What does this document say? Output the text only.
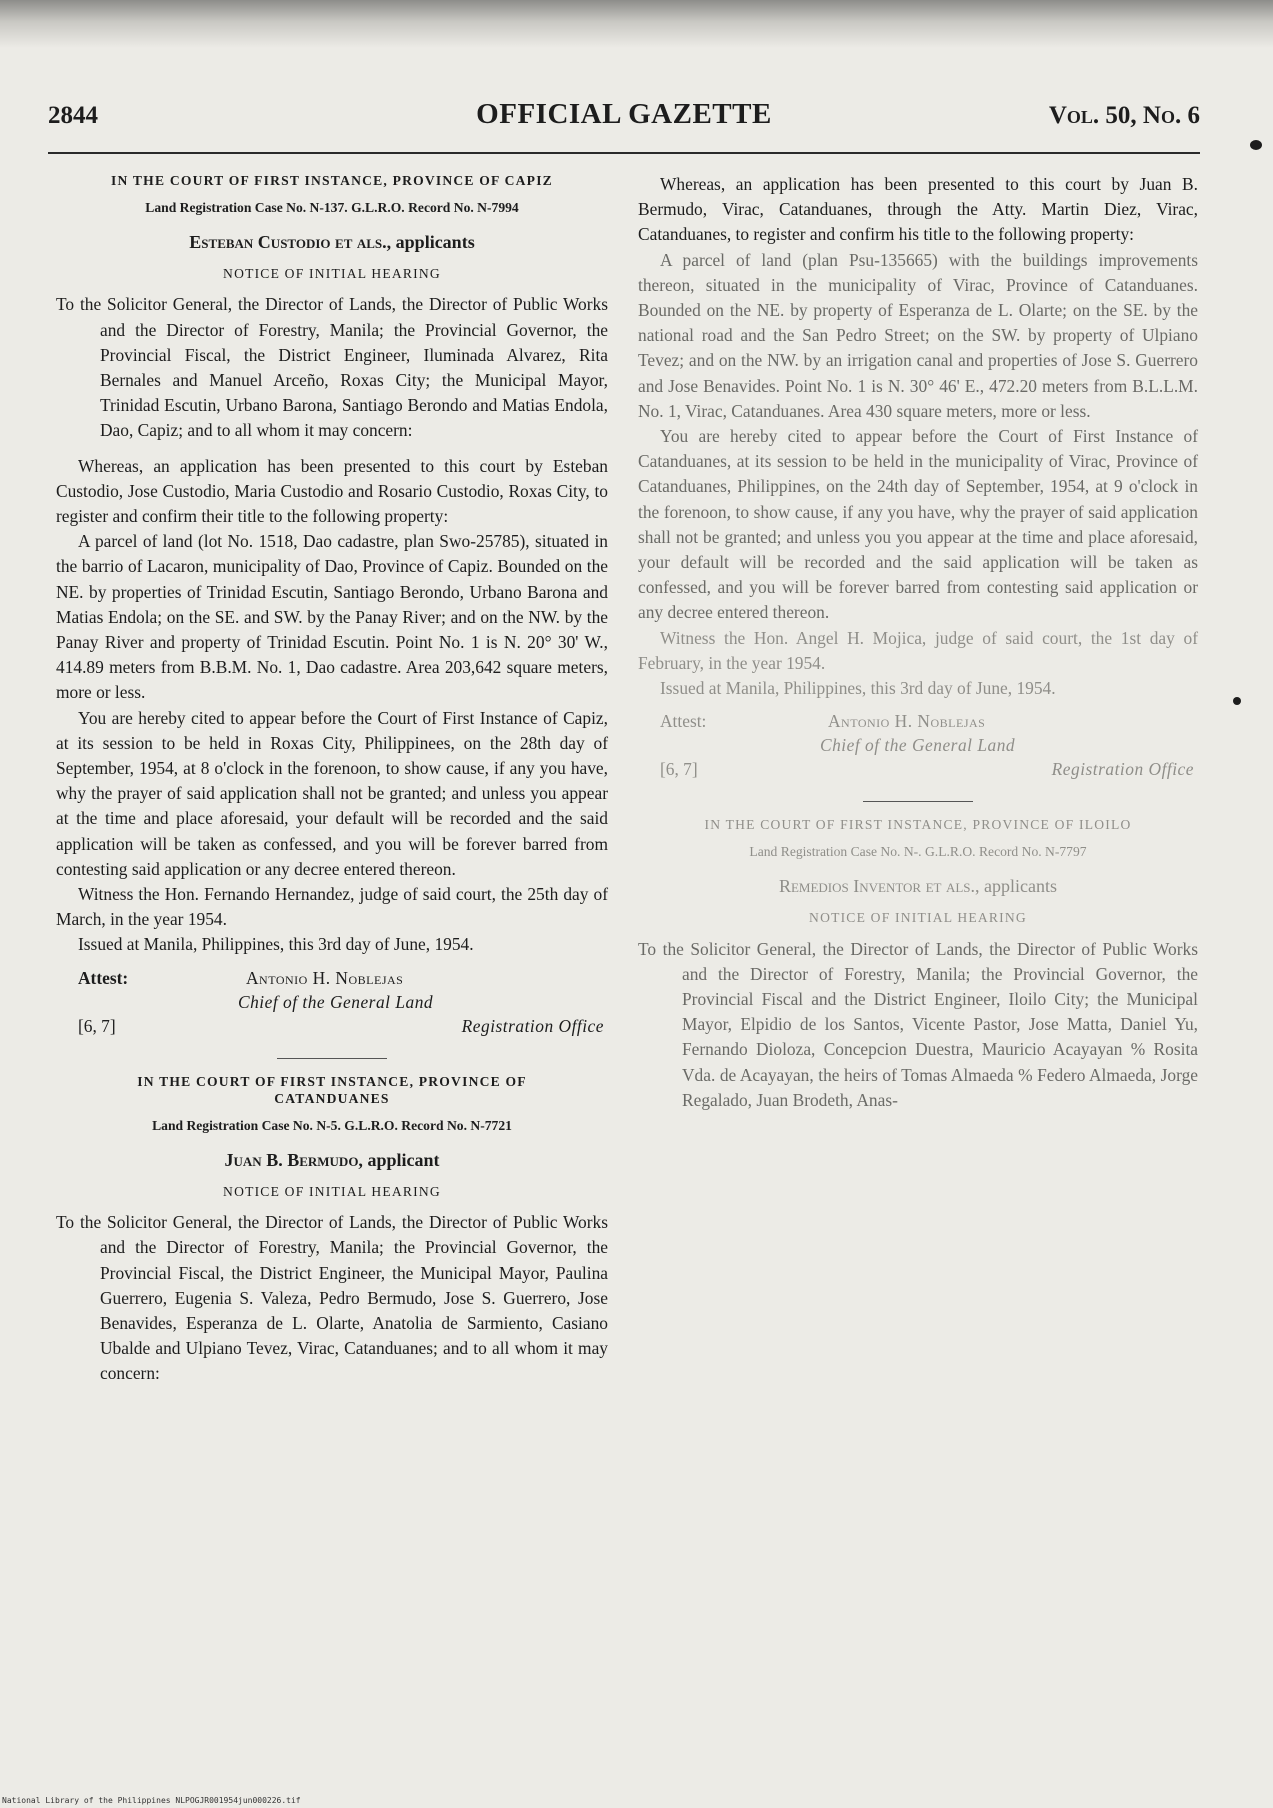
2844	OFFICIAL GAZETTE	Vol. 50, No. 6
IN THE COURT OF FIRST INSTANCE, PROVINCE OF CAPIZ
Land Registration Case No. N-137. G.L.R.O. Record No. N-7994
Esteban Custodio et als., applicants
NOTICE OF INITIAL HEARING

To the Solicitor General, the Director of Lands, the Director of Public Works and the Director of Forestry, Manila; the Provincial Governor, the Provincial Fiscal, the District Engineer, Iluminada Alvarez, Rita Bernales and Manuel Arceño, Roxas City; the Municipal Mayor, Trinidad Escutin, Urbano Barona, Santiago Berondo and Matias Endola, Dao, Capiz; and to all whom it may concern:

Whereas, an application has been presented to this court by Esteban Custodio, Jose Custodio, Maria Custodio and Rosario Custodio, Roxas City, to register and confirm their title to the following property:

A parcel of land (lot No. 1518, Dao cadastre, plan Swo-25785), situated in the barrio of Lacaron, municipality of Dao, Province of Capiz. Bounded on the NE. by properties of Trinidad Escutin, Santiago Berondo, Urbano Barona and Matias Endola; on the SE. and SW. by the Panay River; and on the NW. by the Panay River and property of Trinidad Escutin. Point No. 1 is N. 20° 30' W., 414.89 meters from B.B.M. No. 1, Dao cadastre. Area 203,642 square meters, more or less.

You are hereby cited to appear before the Court of First Instance of Capiz, at its session to be held in Roxas City, Philippinees, on the 28th day of September, 1954, at 8 o'clock in the forenoon, to show cause, if any you have, why the prayer of said application shall not be granted; and unless you appear at the time and place aforesaid, your default will be recorded and the said application will be taken as confessed, and you will be forever barred from contesting said application or any decree entered thereon.

Witness the Hon. Fernando Hernandez, judge of said court, the 25th day of March, in the year 1954.

Issued at Manila, Philippines, this 3rd day of June, 1954.

Attest:	Antonio H. Noblejas
Chief of the General Land
[6, 7]	Registration Office
IN THE COURT OF FIRST INSTANCE, PROVINCE OF CATANDUANES
Land Registration Case No. N-5. G.L.R.O. Record No. N-7721
Juan B. Bermudo, applicant
NOTICE OF INITIAL HEARING

To the Solicitor General, the Director of Lands, the Director of Public Works and the Director of Forestry, Manila; the Provincial Governor, the Provincial Fiscal, the District Engineer, the Municipal Mayor, Paulina Guerrero, Eugenia S. Valeza, Pedro Bermudo, Jose S. Guerrero, Jose Benavides, Esperanza de L. Olarte, Anatolia de Sarmiento, Casiano Ubalde and Ulpiano Tevez, Virac, Catanduanes; and to all whom it may concern:

Whereas, an application has been presented to this court by Juan B. Bermudo, Virac, Catanduanes, through the Atty. Martin Diez, Virac, Catanduanes, to register and confirm his title to the following property:

A parcel of land (plan Psu-135665) with the buildings improvements thereon, situated in the municipality of Virac, Province of Catanduanes. Bounded on the NE. by property of Esperanza de L. Olarte; on the SE. by the national road and the San Pedro Street; on the SW. by property of Ulpiano Tevez; and on the NW. by an irrigation canal and properties of Jose S. Guerrero and Jose Benavides. Point No. 1 is N. 30° 46' E., 472.20 meters from B.L.L.M. No. 1, Virac, Catanduanes. Area 430 square meters, more or less.

You are hereby cited to appear before the Court of First Instance of Catanduanes, at its session to be held in the municipality of Virac, Province of Catanduanes, Philippines, on the 24th day of September, 1954, at 9 o'clock in the forenoon, to show cause, if any you have, why the prayer of said application shall not be granted; and unless you you appear at the time and place aforesaid, your default will be recorded and the said application will be taken as confessed, and you will be forever barred from contesting said application or any decree entered thereon.

Witness the Hon. Angel H. Mojica, judge of said court, the 1st day of February, in the year 1954.

Issued at Manila, Philippines, this 3rd day of June, 1954.

Attest:	Antonio H. Noblejas
Chief of the General Land
[6, 7]	Registration Office
IN THE COURT OF FIRST INSTANCE, PROVINCE OF ILOILO
Land Registration Case No. N-. G.L.R.O. Record No. N-7797
Remedios Inventor et als., applicants
NOTICE OF INITIAL HEARING

To the Solicitor General, the Director of Lands, the Director of Public Works and the Director of Forestry, Manila; the Provincial Governor, the Provincial Fiscal and the District Engineer, Iloilo City; the Municipal Mayor, Elpidio de los Santos, Vicente Pastor, Jose Matta, Daniel Yu, Fernando Dioloza, Concepcion Duestra, Mauricio Acayayan % Rosita Vda. de Acayayan, the heirs of Tomas Almaeda % Federo Almaeda, Jorge Regalado, Juan Brodeth, Anas-

National Library of the Philippines NLPOGJR001954jun000226.tif
